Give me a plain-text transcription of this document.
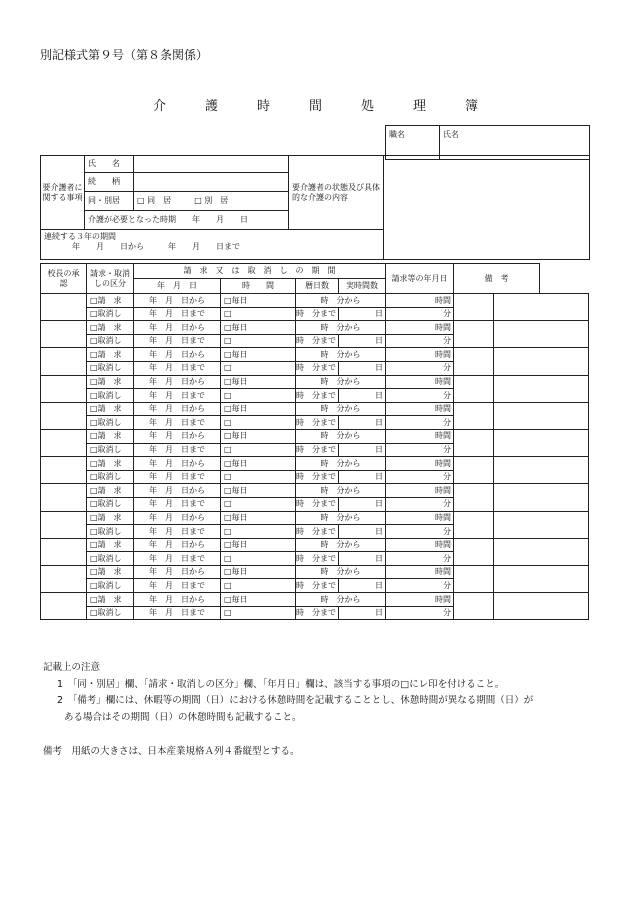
別記様式第９号（第８条関係）
介　護　時　間　処　理　簿
職名	氏名
要介護者に関する事項	氏　　名		要介護者の状態及び具体的な介護の内容	
	続　　柄			
	同・別居	□ 同　居 □ 別　居		
	介護が必要となった時期　　年　　月　　日			

連続する３年の期間
年　　月　　日から　　　年　　月　　日まで				
校長の承　認	請求・取消しの区分	請　求　又　は　取　消　し　の　期　間				請求等の年月日	備　考	
		年　月　日	時　　間	暦日数	実時間数			
	□請　求	年　月　日から	□毎日	時　分から		時間		
	□取消し	年　月　日まで	□	時　分まで	日	分		
	□請　求	年　月　日から	□毎日	時　分から		時間		
	□取消し	年　月　日まで	□	時　分まで	日	分		
	□請　求	年　月　日から	□毎日	時　分から		時間		
	□取消し	年　月　日まで	□	時　分まで	日	分		
	□請　求	年　月　日から	□毎日	時　分から		時間		
	□取消し	年　月　日まで	□	時　分まで	日	分		
	□請　求	年　月　日から	□毎日	時　分から		時間		
	□取消し	年　月　日まで	□	時　分まで	日	分		
	□請　求	年　月　日から	□毎日	時　分から		時間		
	□取消し	年　月　日まで	□	時　分まで	日	分		
	□請　求	年　月　日から	□毎日	時　分から		時間		
	□取消し	年　月　日まで	□	時　分まで	日	分		
	□請　求	年　月　日から	□毎日	時　分から		時間		
	□取消し	年　月　日まで	□	時　分まで	日	分		
	□請　求	年　月　日から	□毎日	時　分から		時間		
	□取消し	年　月　日まで	□	時　分まで	日	分		
	□請　求	年　月　日から	□毎日	時　分から		時間		
	□取消し	年　月　日まで	□	時　分まで	日	分		
	□請　求	年　月　日から	□毎日	時　分から		時間		
	□取消し	年　月　日まで	□	時　分まで	日	分		
	□請　求	年　月　日から	□毎日	時　分から		時間		
	□取消し	年　月　日まで	□	時　分まで	日	分		
記載上の注意
1　「同・別居」欄、「請求・取消しの区分」欄、「年月日」欄は、該当する事項の□にレ印を付けること。
2　「備考」欄には、休暇等の期間（日）における休憩時間を記載することとし、休憩時間が異なる期間（日）が
ある場合はその期間（日）の休憩時間も記載すること。
備考　用紙の大きさは、日本産業規格Ａ列４番縦型とする。
